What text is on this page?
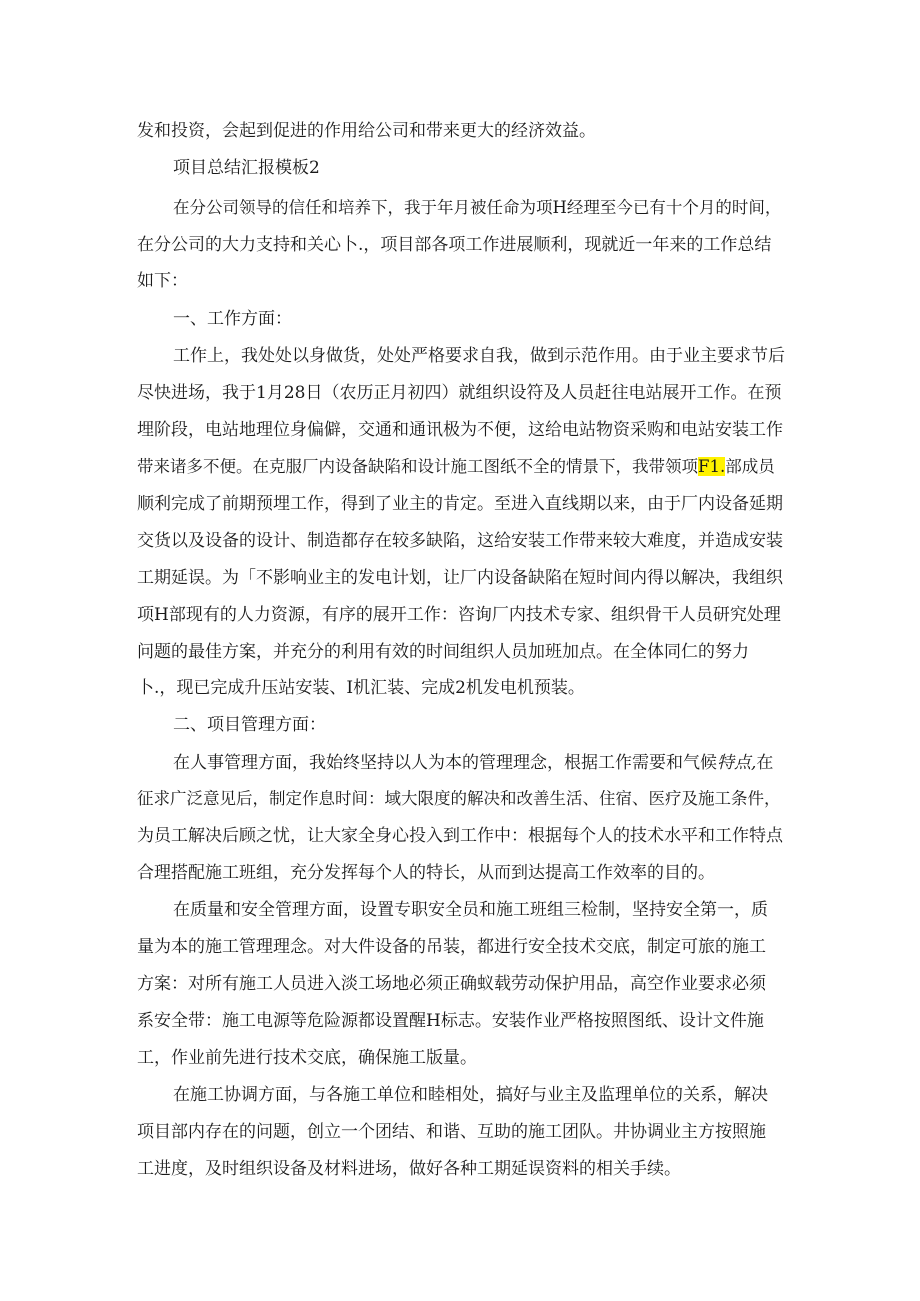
发和投资，会起到促进的作用给公司和带来更大的经济效益。
项目总结汇报模板2
在分公司领导的信任和培养下，我于年月被任命为项H经理至今已有十个月的时间，
在分公司的大力支持和关心卜.，项目部各项工作进展顺利，现就近一年来的工作总结
如下：
一、工作方面：
工作上，我处处以身做货，处处严格要求自我，做到示范作用。由于业主要求节后
尽快进场，我于1月28日（农历正月初四）就组织设符及人员赶往电站展开工作。在预
埋阶段，电站地理位身偏僻，交通和通讯极为不便，这给电站物资采购和电站安装工作
带来诸多不便。在克服厂内设备缺陷和设计施工图纸不全的情景下，我带领项F1.部成员
顺利完成了前期预埋工作，得到了业主的肯定。至进入直线期以来，由于厂内设备延期
交货以及设备的设计、制造都存在较多缺陷，这给安装工作带来较大难度，并造成安装
工期延误。为「不影响业主的发电计划，让厂内设备缺陷在短时间内得以解决，我组织
项H部现有的人力资源，有序的展开工作：咨询厂内技术专家、组织骨干人员研究处理
问题的最佳方案，并充分的利用有效的时间组织人员加班加点。在全体同仁的努力
卜.，现已完成升压站安装、I机汇装、完成2机发电机预装。
二、项目管理方面：
在人事管理方面，我始终坚持以人为本的管理理念，根据工作需要和气候特点,在
征求广泛意见后，制定作息时间：域大限度的解决和改善生活、住宿、医疗及施工条件，
为员工解决后顾之忧，让大家全身心投入到工作中：根据每个人的技术水平和工作特点
合理搭配施工班组，充分发挥每个人的特长，从而到达提高工作效率的目的。
在质量和安全管理方面，设置专职安全员和施工班组三检制，坚持安全第一，质
量为本的施工管理理念。对大件设备的吊装，都进行安全技术交底，制定可旅的施工
方案：对所有施工人员进入淡工场地必须正确蚁载劳动保护用品，高空作业要求必须
系安全带：施工电源等危险源都设置醒H标志。安装作业严格按照图纸、设计文件施
工，作业前先进行技术交底，确保施工版量。
在施工协调方面，与各施工单位和睦相处，搞好与业主及监理单位的关系，解决
项目部内存在的问题，创立一个团结、和谐、互助的施工团队。井协调业主方按照施
工进度，及时组织设备及材料进场，做好各种工期延误资料的相关手续。
